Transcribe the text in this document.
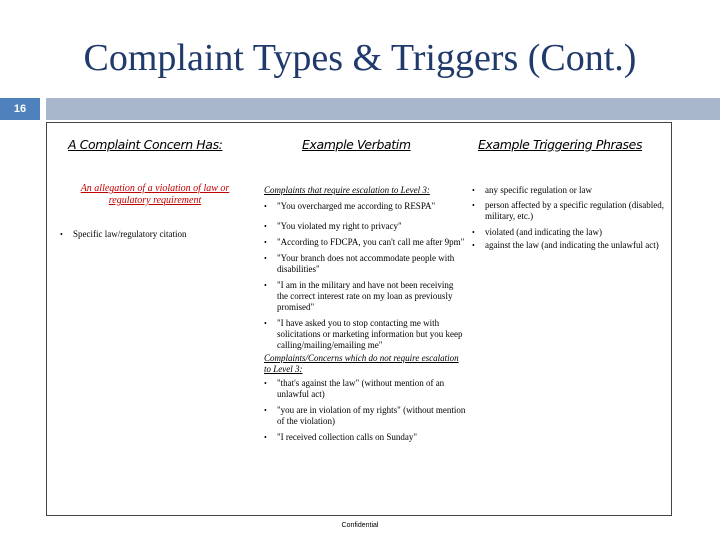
Complaint Types & Triggers (Cont.)
16
A Complaint Concern Has:	Example Verbatim	Example Triggering Phrases
An allegation of a violation of law or regulatory requirement
• Specific law/regulatory citation
Complaints that require escalation to Level 3:
• "You overcharged me according to RESPA"
• "You violated my right to privacy"
• "According to FDCPA, you can't call me after 9pm"
• "Your branch does not accommodate people with disabilities"
• "I am in the military and have not been receiving the correct interest rate on my loan as previously promised"
• "I have asked you to stop contacting me with solicitations or marketing information but you keep calling/mailing/emailing me"
Complaints/Concerns which do not require escalation to Level 3:
• "that's against the law" (without mention of an unlawful act)
• "you are in violation of my rights" (without mention of the violation)
• "I received collection calls on Sunday"
• any specific regulation or law
• person affected by a specific regulation (disabled, military, etc.)
• violated (and indicating the law)
• against the law (and indicating the unlawful act)
Confidential
